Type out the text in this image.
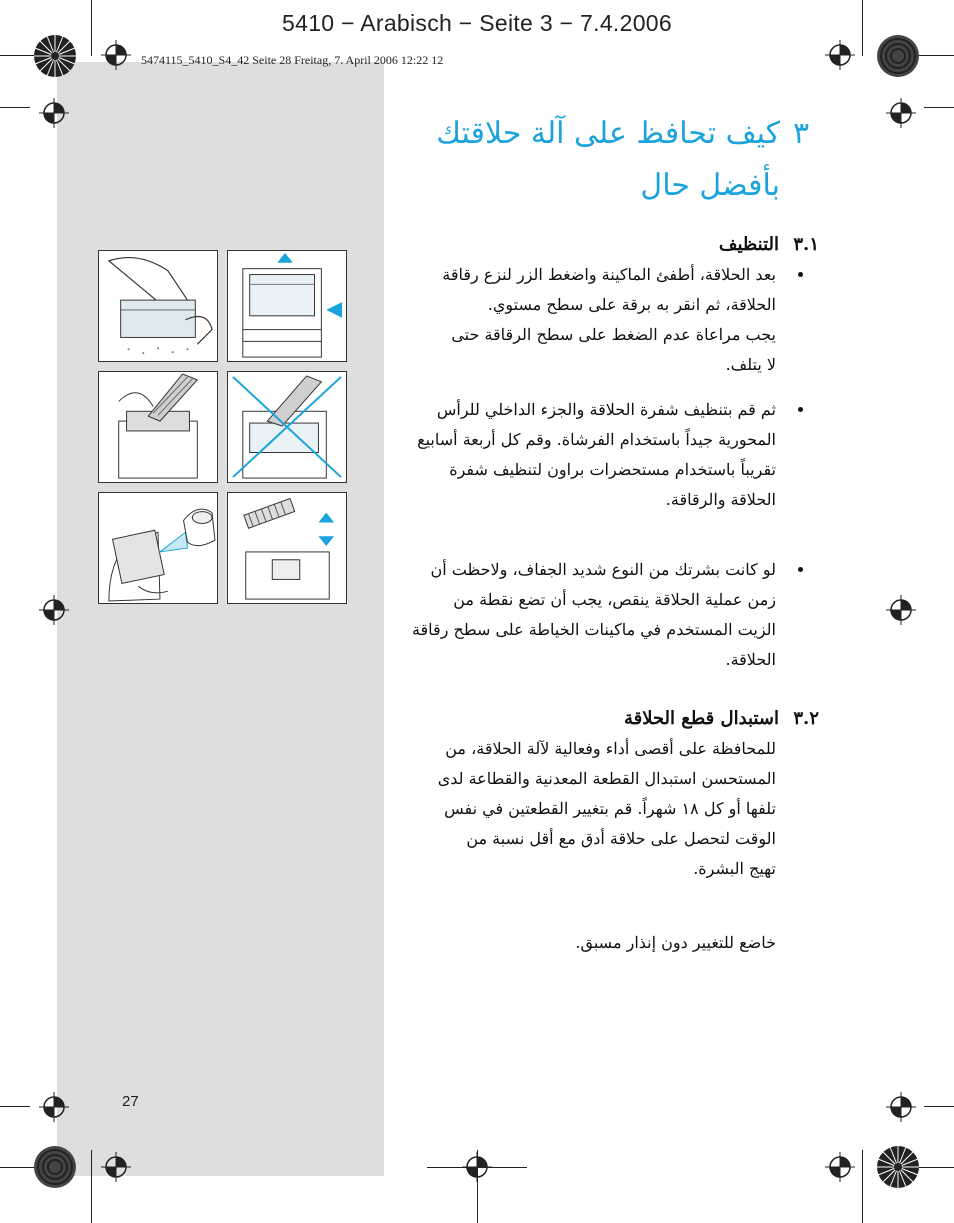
5410 − Arabisch − Seite 3 − 7.4.2006
5474115_5410_S4_42 Seite 28 Freitag, 7. April 2006 12:22 12
٣كيف تحافظ على آلة حلاقتك
بأفضل حال
٣.١التنظيف
بعد الحلاقة، أطفئ الماكينة واضغط الزر لنزع رقاقة
الحلاقة، ثم انقر به برقة على سطح مستوي.
يجب مراعاة عدم الضغط على سطح الرقاقة حتى
لا يتلف.
ثم قم بتنظيف شفرة الحلاقة والجزء الداخلي للرأس
المحورية جيداً باستخدام الفرشاة. وقم كل أربعة أسابيع
تقريباً باستخدام مستحضرات براون لتنظيف شفرة
الحلاقة والرقاقة.
لو كانت بشرتك من النوع شديد الجفاف، ولاحظت أن
زمن عملية الحلاقة ينقص، يجب أن تضع نقطة من
الزيت المستخدم في ماكينات الخياطة على سطح رقاقة
الحلاقة.
٣.٢استبدال قطع الحلاقة
للمحافظة على أقصى أداء وفعالية لآلة الحلاقة، من
المستحسن استبدال القطعة المعدنية والقطاعة لدى
تلفها أو كل ١٨ شهراً. قم بتغيير القطعتين في نفس
الوقت لتحصل على حلاقة أدق مع أقل نسبة من
تهيج البشرة.
خاضع للتغيير دون إنذار مسبق.
27
